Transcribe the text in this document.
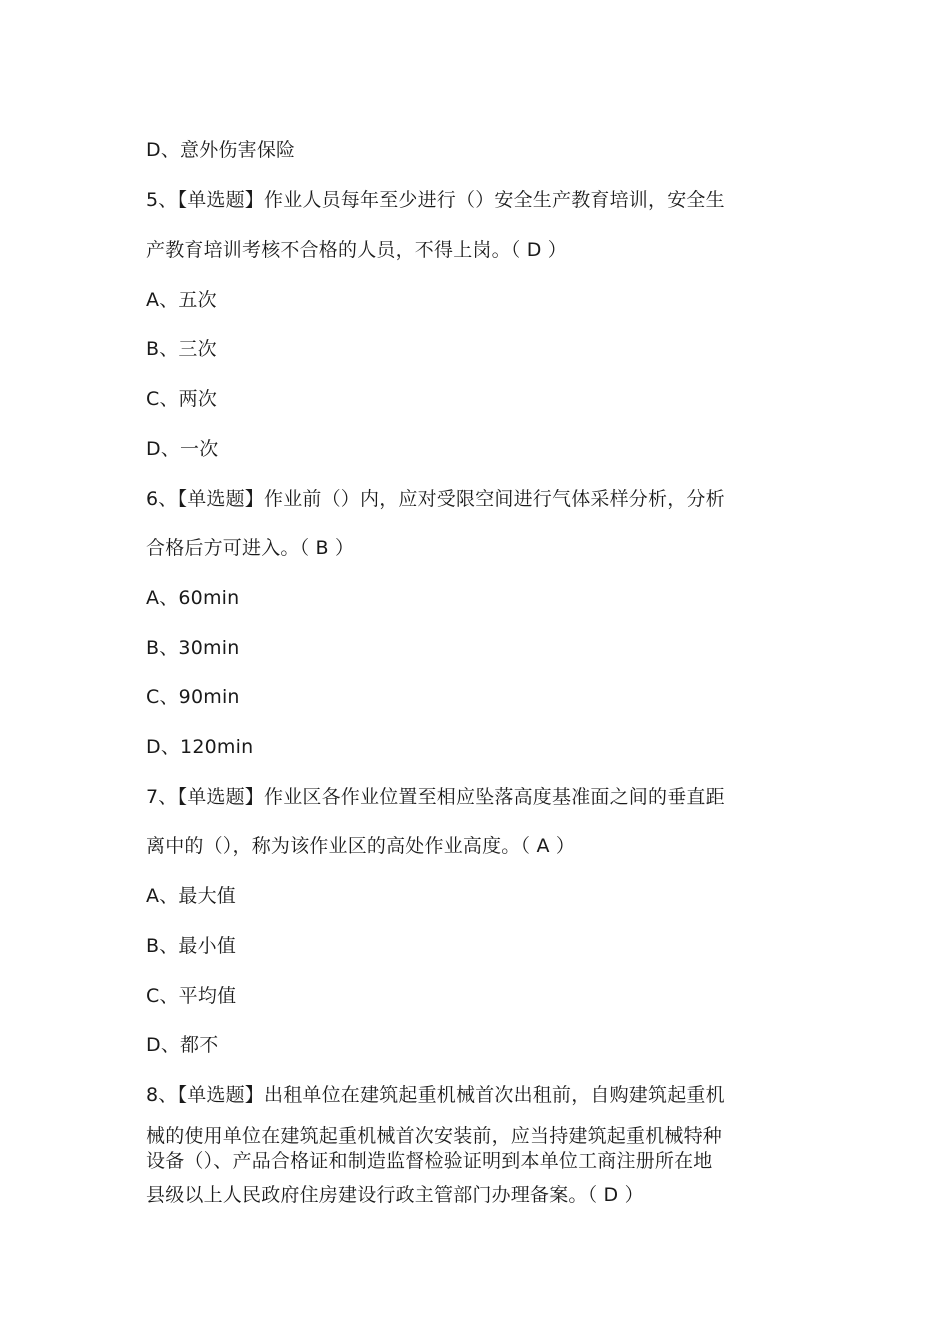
D、意外伤害保险
5、【单选题】作业人员每年至少进行（）安全生产教育培训，安全生
产教育培训考核不合格的人员，不得上岗。（ D ）
A、五次
B、三次
C、两次
D、一次
6、【单选题】作业前（）内，应对受限空间进行气体采样分析，分析
合格后方可进入。（ B ）
A、60min
B、30min
C、90min
D、120min
7、【单选题】作业区各作业位置至相应坠落高度基准面之间的垂直距
离中的（），称为该作业区的高处作业高度。（ A ）
A、最大值
B、最小值
C、平均值
D、都不
8、【单选题】出租单位在建筑起重机械首次出租前，自购建筑起重机
械的使用单位在建筑起重机械首次安装前，应当持建筑起重机械特种
设备（）、产品合格证和制造监督检验证明到本单位工商注册所在地
县级以上人民政府住房建设行政主管部门办理备案。（ D ）
